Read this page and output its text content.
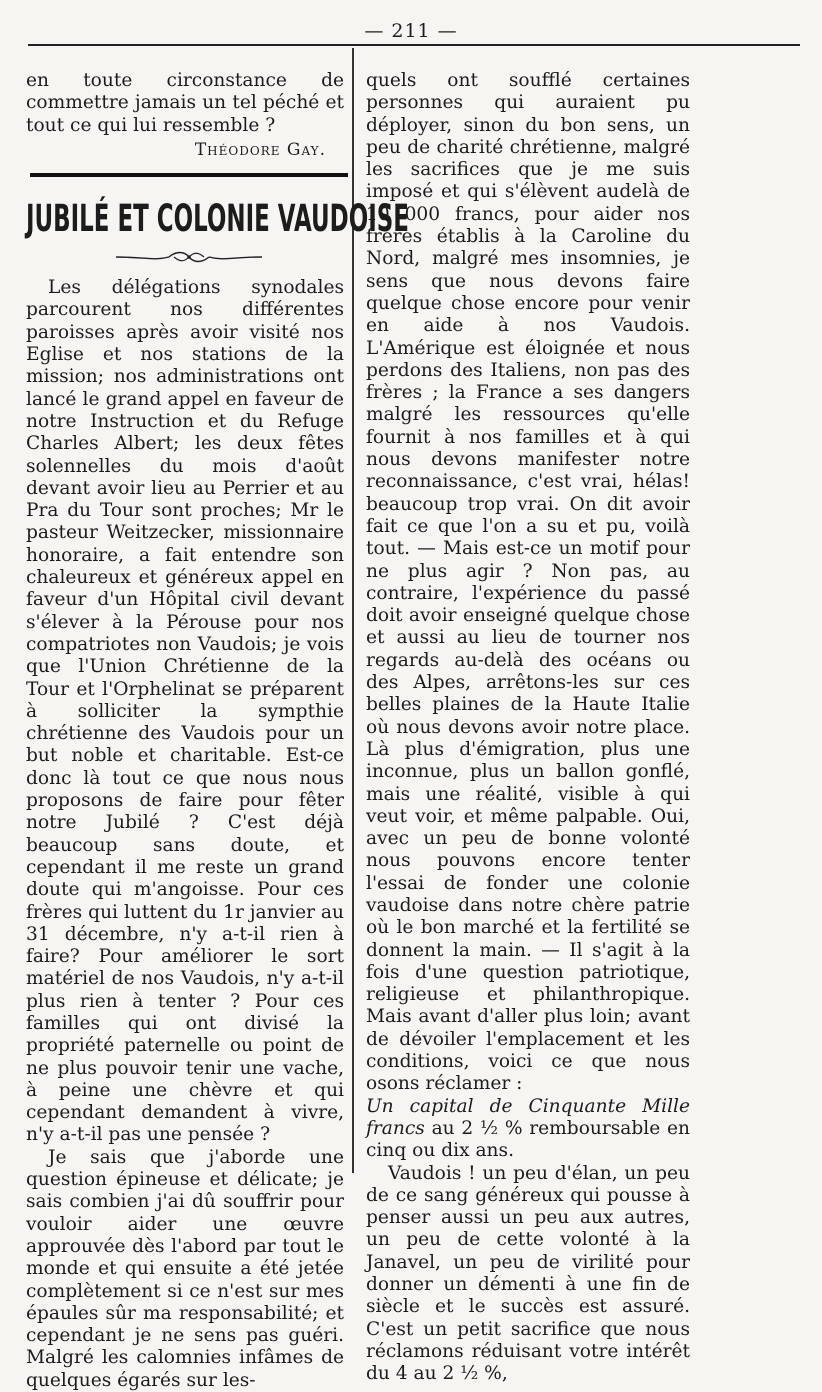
— 211 —

en toute circonstance de commettre jamais un tel péché et tout ce qui lui ressemble ?

Théodore Gay.
JUBILÉ ET COLONIE VAUDOISE

Les délégations synodales parcourent nos différentes paroisses après avoir visité nos Eglise et nos stations de la mission; nos administrations ont lancé le grand appel en faveur de notre Instruction et du Refuge Charles Albert; les deux fêtes solennelles du mois d'août devant avoir lieu au Perrier et au Pra du Tour sont proches; Mr le pasteur Weitzecker, missionnaire honoraire, a fait entendre son chaleureux et généreux appel en faveur d'un Hôpital civil devant s'élever à la Pérouse pour nos compatriotes non Vaudois; je vois que l'Union Chrétienne de la Tour et l'Orphelinat se préparent à solliciter la sympthie chrétienne des Vaudois pour un but noble et charitable. Est-ce donc là tout ce que nous nous proposons de faire pour fêter notre Jubilé ? C'est déjà beaucoup sans doute, et cependant il me reste un grand doute qui m'angoisse. Pour ces frères qui luttent du 1r janvier au 31 décembre, n'y a-t-il rien à faire? Pour améliorer le sort matériel de nos Vaudois, n'y a-t-il plus rien à tenter ? Pour ces familles qui ont divisé la propriété paternelle ou point de ne plus pouvoir tenir une vache, à peine une chèvre et qui cependant demandent à vivre, n'y a-t-il pas une pensée ?

Je sais que j'aborde une question épineuse et délicate; je sais combien j'ai dû souffrir pour vouloir aider une œuvre approuvée dès l'abord par tout le monde et qui ensuite a été jetée complètement si ce n'est sur mes épaules sûr ma responsabilité; et cependant je ne sens pas guéri. Malgré les calomnies infâmes de quelques égarés sur les-

quels ont soufflé certaines personnes qui auraient pu déployer, sinon du bon sens, un peu de charité chrétienne, malgré les sacrifices que je me suis imposé et qui s'élèvent audelà de 10 000 francs, pour aider nos frères établis à la Caroline du Nord, malgré mes insomnies, je sens que nous devons faire quelque chose encore pour venir en aide à nos Vaudois. L'Amérique est éloignée et nous perdons des Italiens, non pas des frères ; la France a ses dangers malgré les ressources qu'elle fournit à nos familles et à qui nous devons manifester notre reconnaissance, c'est vrai, hélas! beaucoup trop vrai. On dit avoir fait ce que l'on a su et pu, voilà tout. — Mais est-ce un motif pour ne plus agir ? Non pas, au contraire, l'expérience du passé doit avoir enseigné quelque chose et aussi au lieu de tourner nos regards au-delà des océans ou des Alpes, arrêtons-les sur ces belles plaines de la Haute Italie où nous devons avoir notre place. Là plus d'émigration, plus une inconnue, plus un ballon gonflé, mais une réalité, visible à qui veut voir, et même palpable. Oui, avec un peu de bonne volonté nous pouvons encore tenter l'essai de fonder une colonie vaudoise dans notre chère patrie où le bon marché et la fertilité se donnent la main. — Il s'agit à la fois d'une question patriotique, religieuse et philanthropique. Mais avant d'aller plus loin; avant de dévoiler l'emplacement et les conditions, voici ce que nous osons réclamer :

Un capital de Cinquante Mille francs au 2 ½ % remboursable en cinq ou dix ans.

Vaudois ! un peu d'élan, un peu de ce sang généreux qui pousse à penser aussi un peu aux autres, un peu de cette volonté à la Janavel, un peu de virilité pour donner un démenti à une fin de siècle et le succès est assuré. C'est un petit sacrifice que nous réclamons réduisant votre intérêt du 4 au 2 ½ %,
